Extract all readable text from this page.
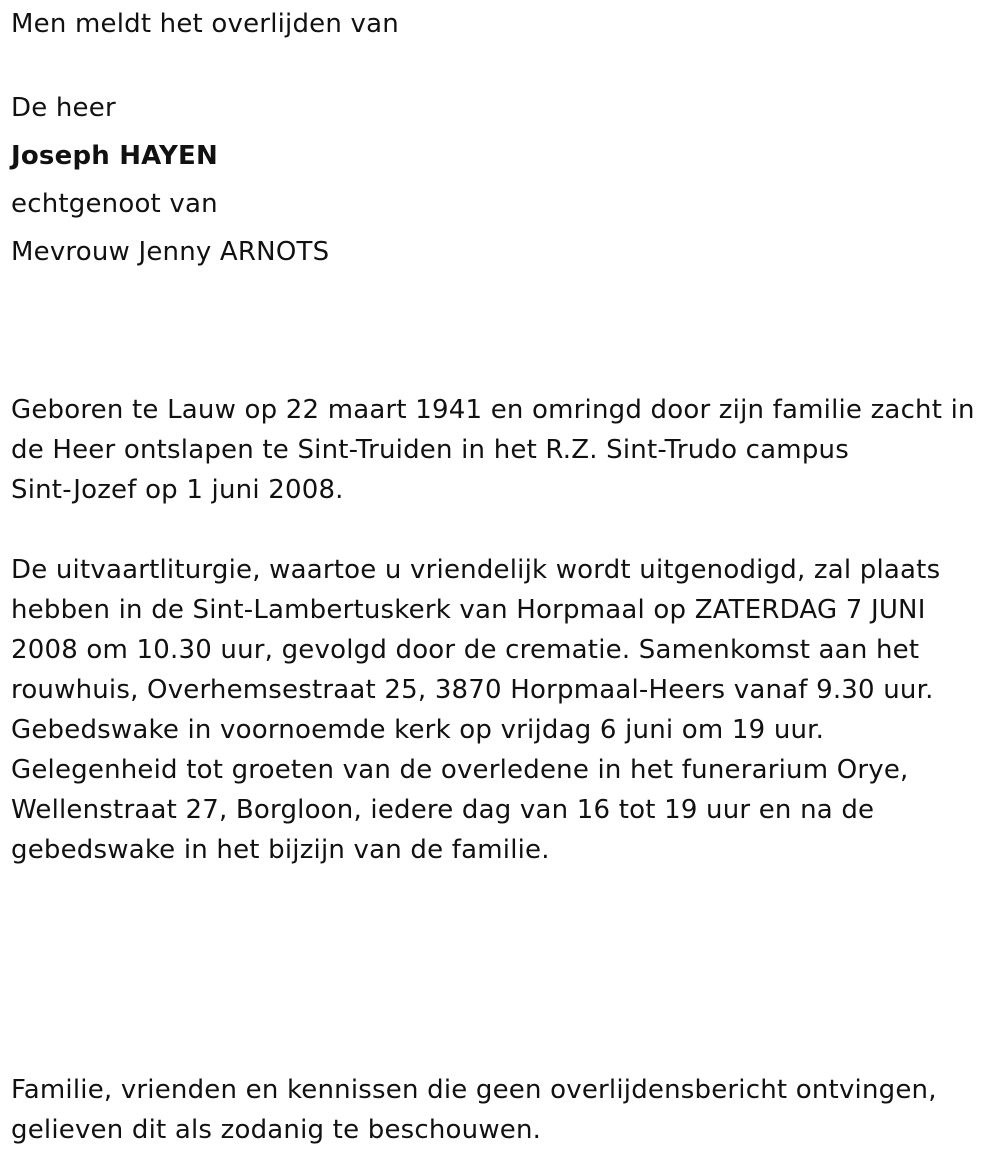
Men meldt het overlijden van
De heer
Joseph HAYEN
echtgenoot van
Mevrouw Jenny ARNOTS
Geboren te Lauw op 22 maart 1941 en omringd door zijn familie zacht in
de Heer ontslapen te Sint-Truiden in het R.Z. Sint-Trudo campus
Sint-Jozef op 1 juni 2008.
De uitvaartliturgie, waartoe u vriendelijk wordt uitgenodigd, zal plaats
hebben in de Sint-Lambertuskerk van Horpmaal op ZATERDAG 7 JUNI
2008 om 10.30 uur, gevolgd door de crematie. Samenkomst aan het
rouwhuis, Overhemsestraat 25, 3870 Horpmaal-Heers vanaf 9.30 uur.
Gebedswake in voornoemde kerk op vrijdag 6 juni om 19 uur.
Gelegenheid tot groeten van de overledene in het funerarium Orye,
Wellenstraat 27, Borgloon, iedere dag van 16 tot 19 uur en na de
gebedswake in het bijzijn van de familie.
Familie, vrienden en kennissen die geen overlijdensbericht ontvingen,
gelieven dit als zodanig te beschouwen.
